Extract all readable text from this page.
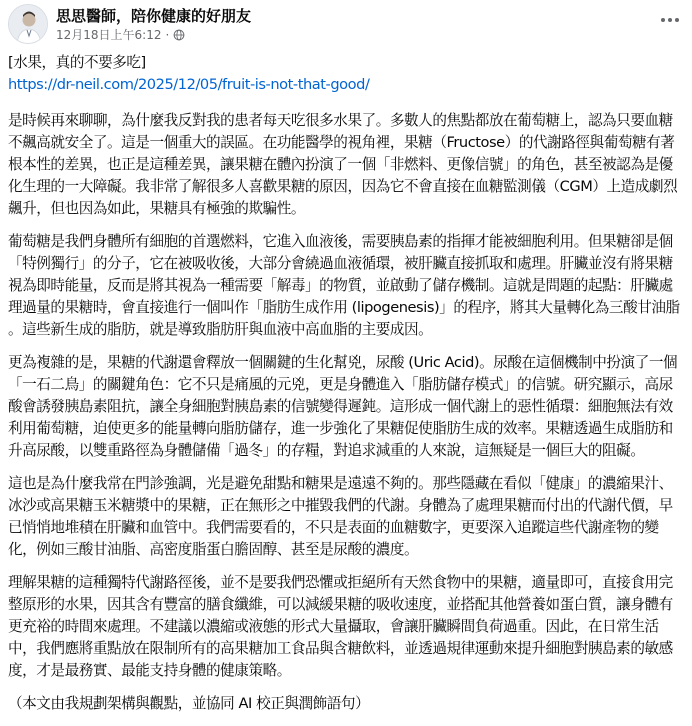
思思醫師，陪你健康的好朋友
12月18日上午6:12 ·

[水果，真的不要多吃]
https://dr-neil.com/2025/12/05/fruit-is-not-that-good/

是時候再來聊聊，為什麼我反對我的患者每天吃很多水果了。多數人的焦點都放在葡萄糖上，認為只要血糖不飆高就安全了。這是一個重大的誤區。在功能醫學的視角裡，果糖（Fructose）的代謝路徑與葡萄糖有著根本性的差異，也正是這種差異，讓果糖在體內扮演了一個「非燃料、更像信號」的角色，甚至被認為是優化生理的一大障礙。我非常了解很多人喜歡果糖的原因，因為它不會直接在血糖監測儀（CGM）上造成劇烈飆升，但也因為如此，果糖具有極強的欺騙性。

葡萄糖是我們身體所有細胞的首選燃料，它進入血液後，需要胰島素的指揮才能被細胞利用。但果糖卻是個「特例獨行」的分子，它在被吸收後，大部分會繞過血液循環，被肝臟直接抓取和處理。肝臟並沒有將果糖視為即時能量，反而是將其視為一種需要「解毒」的物質，並啟動了儲存機制。這就是問題的起點：肝臟處理過量的果糖時，會直接進行一個叫作「脂肪生成作用 (lipogenesis)」的程序，將其大量轉化為三酸甘油脂 。這些新生成的脂肪，就是導致脂肪肝與血液中高血脂的主要成因。

更為複雜的是，果糖的代謝還會釋放一個關鍵的生化幫兇，尿酸 (Uric Acid)。尿酸在這個機制中扮演了一個「一石二鳥」的關鍵角色：它不只是痛風的元兇，更是身體進入「脂肪儲存模式」的信號。研究顯示，高尿酸會誘發胰島素阻抗，讓全身細胞對胰島素的信號變得遲鈍。這形成一個代謝上的惡性循環：細胞無法有效利用葡萄糖，迫使更多的能量轉向脂肪儲存，進一步強化了果糖促使脂肪生成的效率。果糖透過生成脂肪和升高尿酸，以雙重路徑為身體儲備「過冬」的存糧，對追求減重的人來說，這無疑是一個巨大的阻礙。

這也是為什麼我常在門診強調，光是避免甜點和糖果是遠遠不夠的。那些隱藏在看似「健康」的濃縮果汁、冰沙或高果糖玉米糖漿中的果糖，正在無形之中摧毀我們的代謝。身體為了處理果糖而付出的代謝代價，早已悄悄地堆積在肝臟和血管中。我們需要看的，不只是表面的血糖數字，更要深入追蹤這些代謝產物的變化，例如三酸甘油脂、高密度脂蛋白膽固醇、甚至是尿酸的濃度。

理解果糖的這種獨特代謝路徑後，並不是要我們恐懼或拒絕所有天然食物中的果糖，適量即可，直接食用完整原形的水果，因其含有豐富的膳食纖維，可以減緩果糖的吸收速度，並搭配其他營養如蛋白質，讓身體有更充裕的時間來處理。不建議以濃縮或液態的形式大量攝取，會讓肝臟瞬間負荷過重。因此，在日常生活中，我們應將重點放在限制所有的高果糖加工食品與含糖飲料，並透過規律運動來提升細胞對胰島素的敏感度，才是最務實、最能支持身體的健康策略。

（本文由我規劃架構與觀點，並協同 AI 校正與潤飾語句）
